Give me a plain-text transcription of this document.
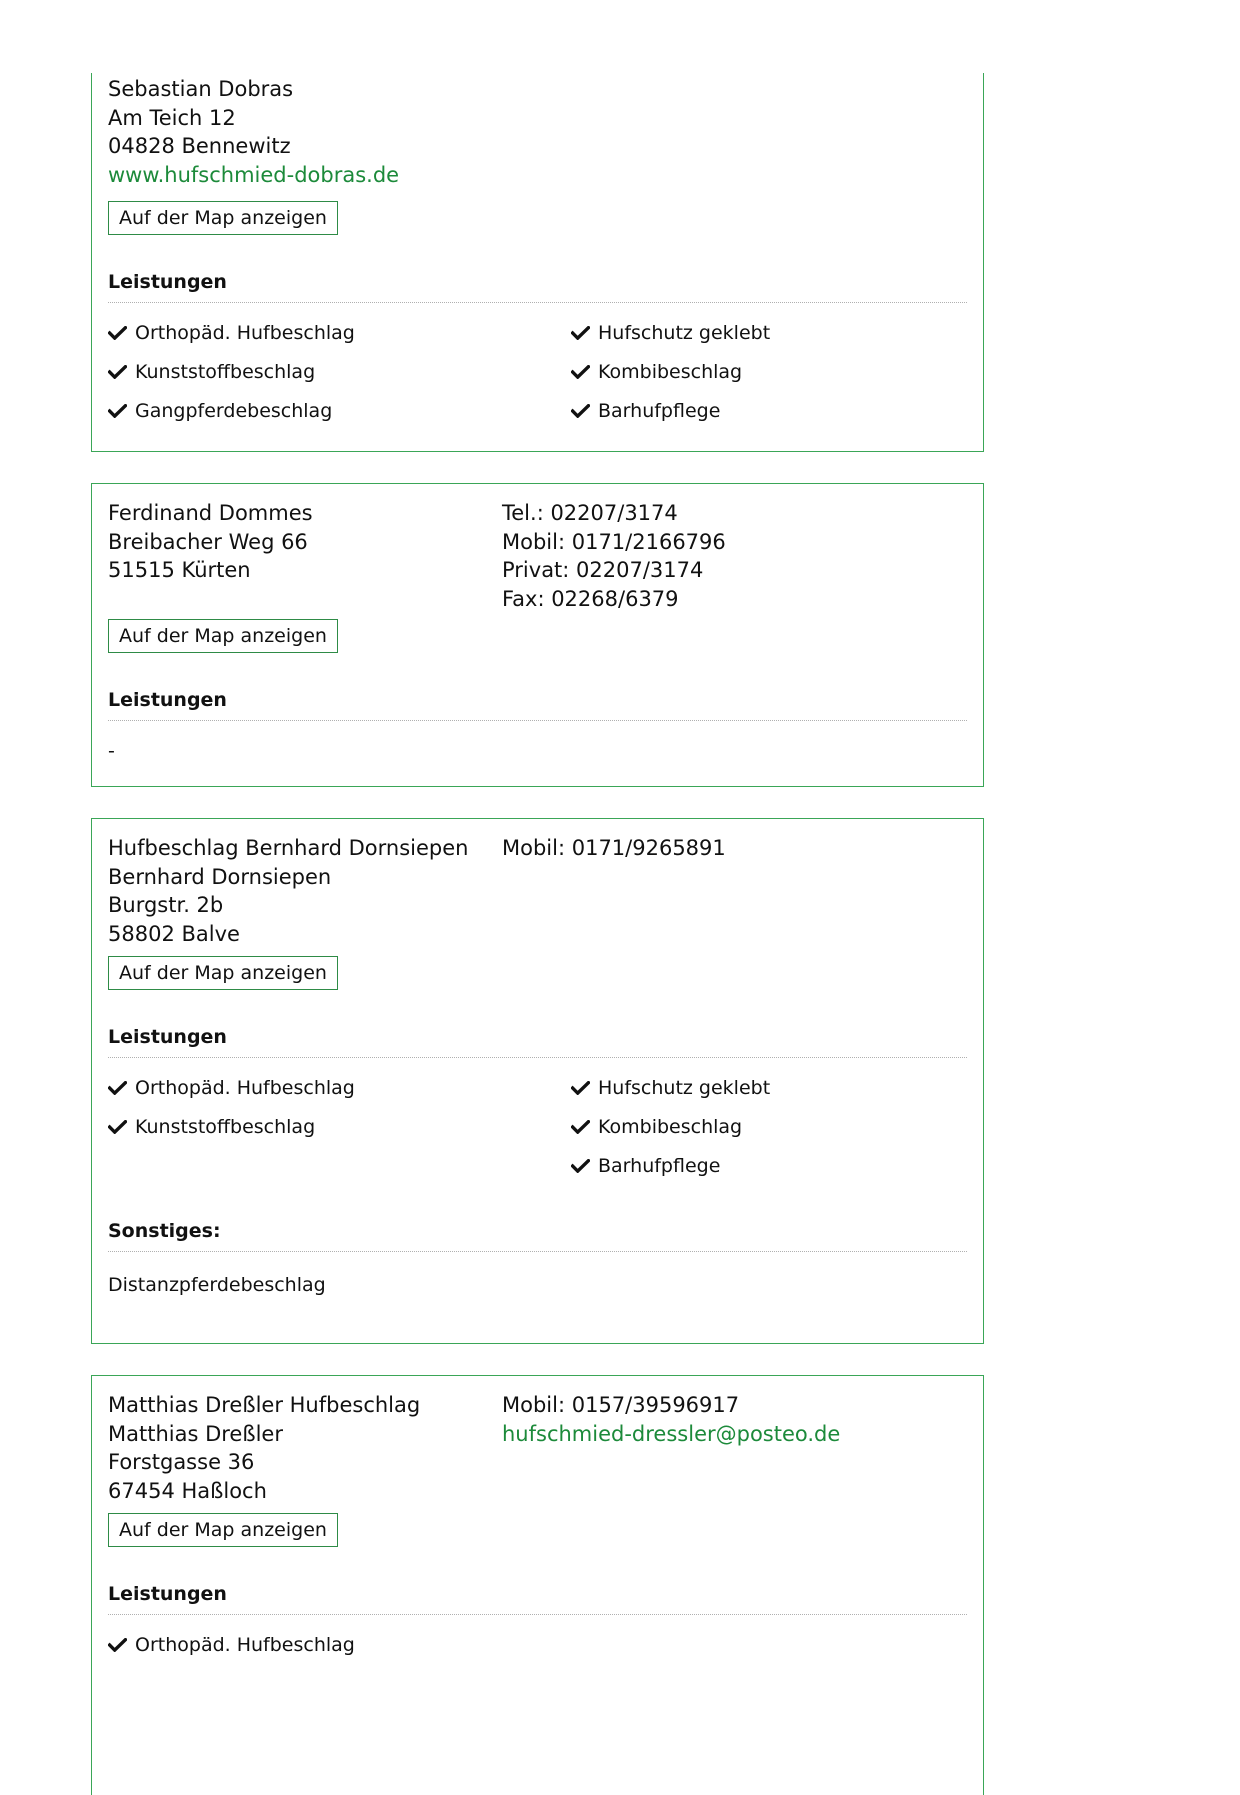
Sebastian Dobras
Am Teich 12
04828 Bennewitz
www.hufschmied-dobras.de
Auf der Map anzeigen
Leistungen
Orthopäd. Hufbeschlag
Kunststoffbeschlag
Gangpferdebeschlag
Hufschutz geklebt
Kombibeschlag
Barhufpflege
Ferdinand Dommes
Breibacher Weg 66
51515 Kürten
Tel.: 02207/3174
Mobil: 0171/2166796
Privat: 02207/3174
Fax: 02268/6379
Auf der Map anzeigen
Leistungen
-
Hufbeschlag Bernhard Dornsiepen
Bernhard Dornsiepen
Burgstr. 2b
58802 Balve
Mobil: 0171/9265891
Auf der Map anzeigen
Leistungen
Orthopäd. Hufbeschlag
Kunststoffbeschlag
Hufschutz geklebt
Kombibeschlag
Barhufpflege
Sonstiges:
Distanzpferdebeschlag
Matthias Dreßler Hufbeschlag
Matthias Dreßler
Forstgasse 36
67454 Haßloch
Mobil: 0157/39596917
hufschmied-dressler@posteo.de
Auf der Map anzeigen
Leistungen
Orthopäd. Hufbeschlag
